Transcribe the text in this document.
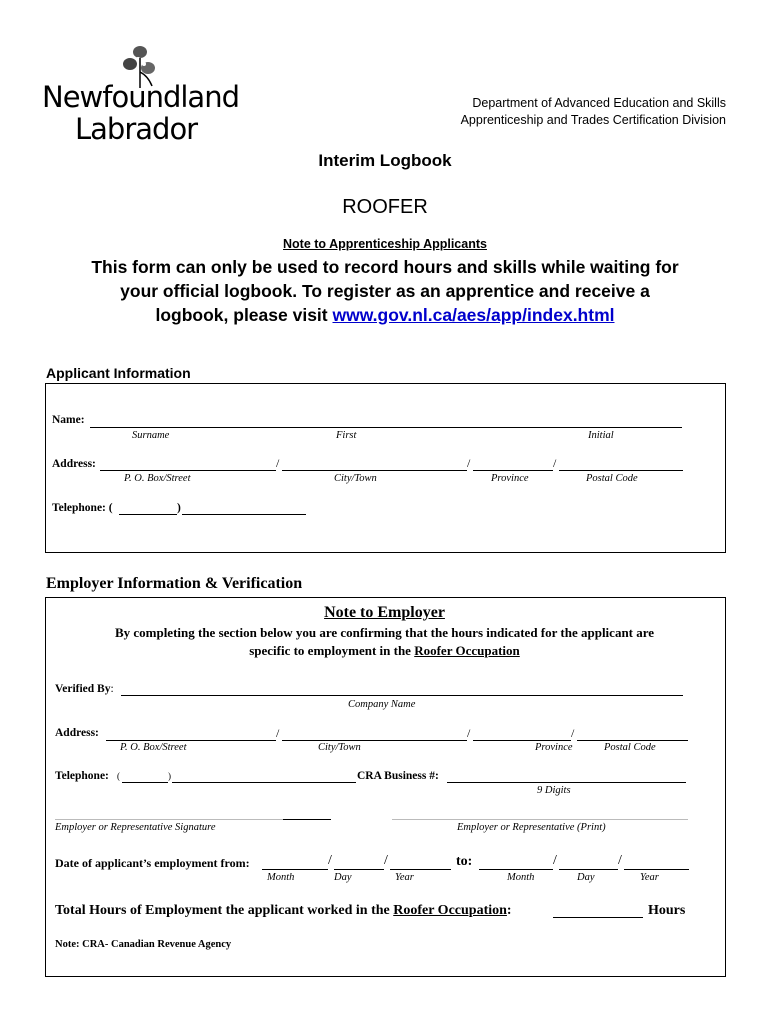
Newfoundland
Labrador
Department of Advanced Education and Skills
Apprenticeship and Trades Certification Division
Interim Logbook
ROOFER
Note to Apprenticeship Applicants
This form can only be used to record hours and skills while waiting for
your official logbook. To register as an apprentice and receive a
logbook, please visit www.gov.nl.ca/aes/app/index.html
Applicant Information
Name:
Surname	First	Initial
Address:	/	/	/
P. O. Box/Street	City/Town	Province	Postal Code
Telephone: (	)
Employer Information & Verification
Note to Employer
By completing the section below you are confirming that the hours indicated for the applicant are
specific to employment in the Roofer Occupation
Verified By:
Company Name
Address:	/	/	/
P. O. Box/Street	City/Town	Province	Postal Code
Telephone: (	)	CRA Business #:
9 Digits
Employer or Representative Signature	Employer or Representative (Print)
Date of applicant’s employment from:	/	/	to:	/	/
Month	Day	Year	Month	Day	Year
Total Hours of Employment the applicant worked in the Roofer Occupation:	Hours
Note: CRA- Canadian Revenue Agency
